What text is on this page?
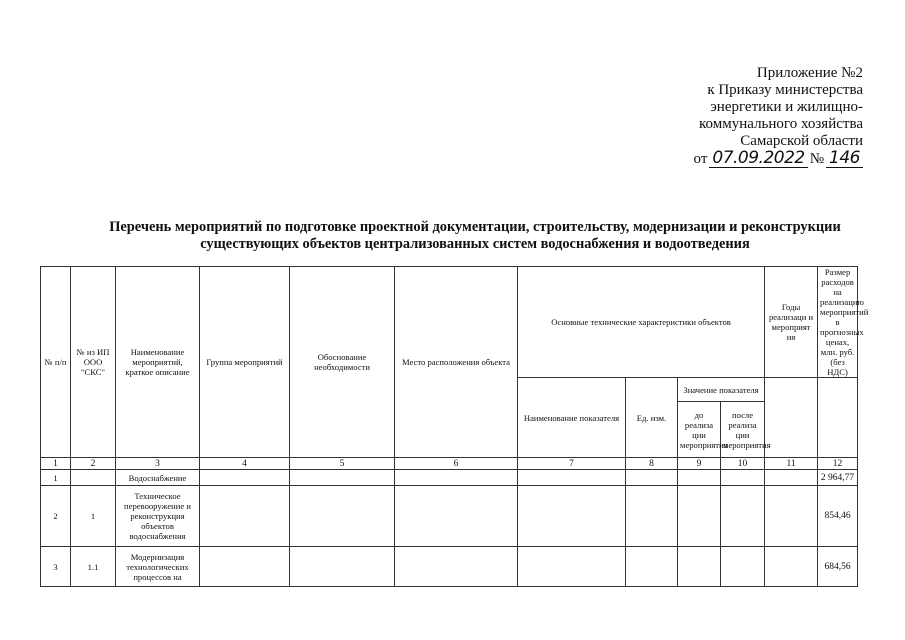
Приложение №2
к Приказу министерства
энергетики и жилищно-
коммунального хозяйства
Самарской области
от 07.09.2022 № 146
Перечень мероприятий по подготовке проектной документации, строительству, модернизации и реконструкции
существующих объектов централизованных систем водоснабжения и водоотведения
№ п/п	№ из ИП ООО "СКС"	Наименование мероприятий, краткое описание	Группа мероприятий	Обоснование необходимости	Место расположения объекта	Основные технические характеристики объектов				Годы реализаци и мероприят ия	Размер расходов на реализацию мероприятий в прогнозных ценах, млн. руб. (без НДС)
						Наименование показателя	Ед. изм.	Значение показателя			
								до реализа ции мероприятия	после реализа ции мероприятия		
1	2	3	4	5	6	7	8	9	10	11	12
1		Водоснабжение									2 964,77
2	1	Техническое перевооружение и реконструкция объектов водоснабжения									854,46
3	1.1	Модернизация технологических процессов на									684,56
